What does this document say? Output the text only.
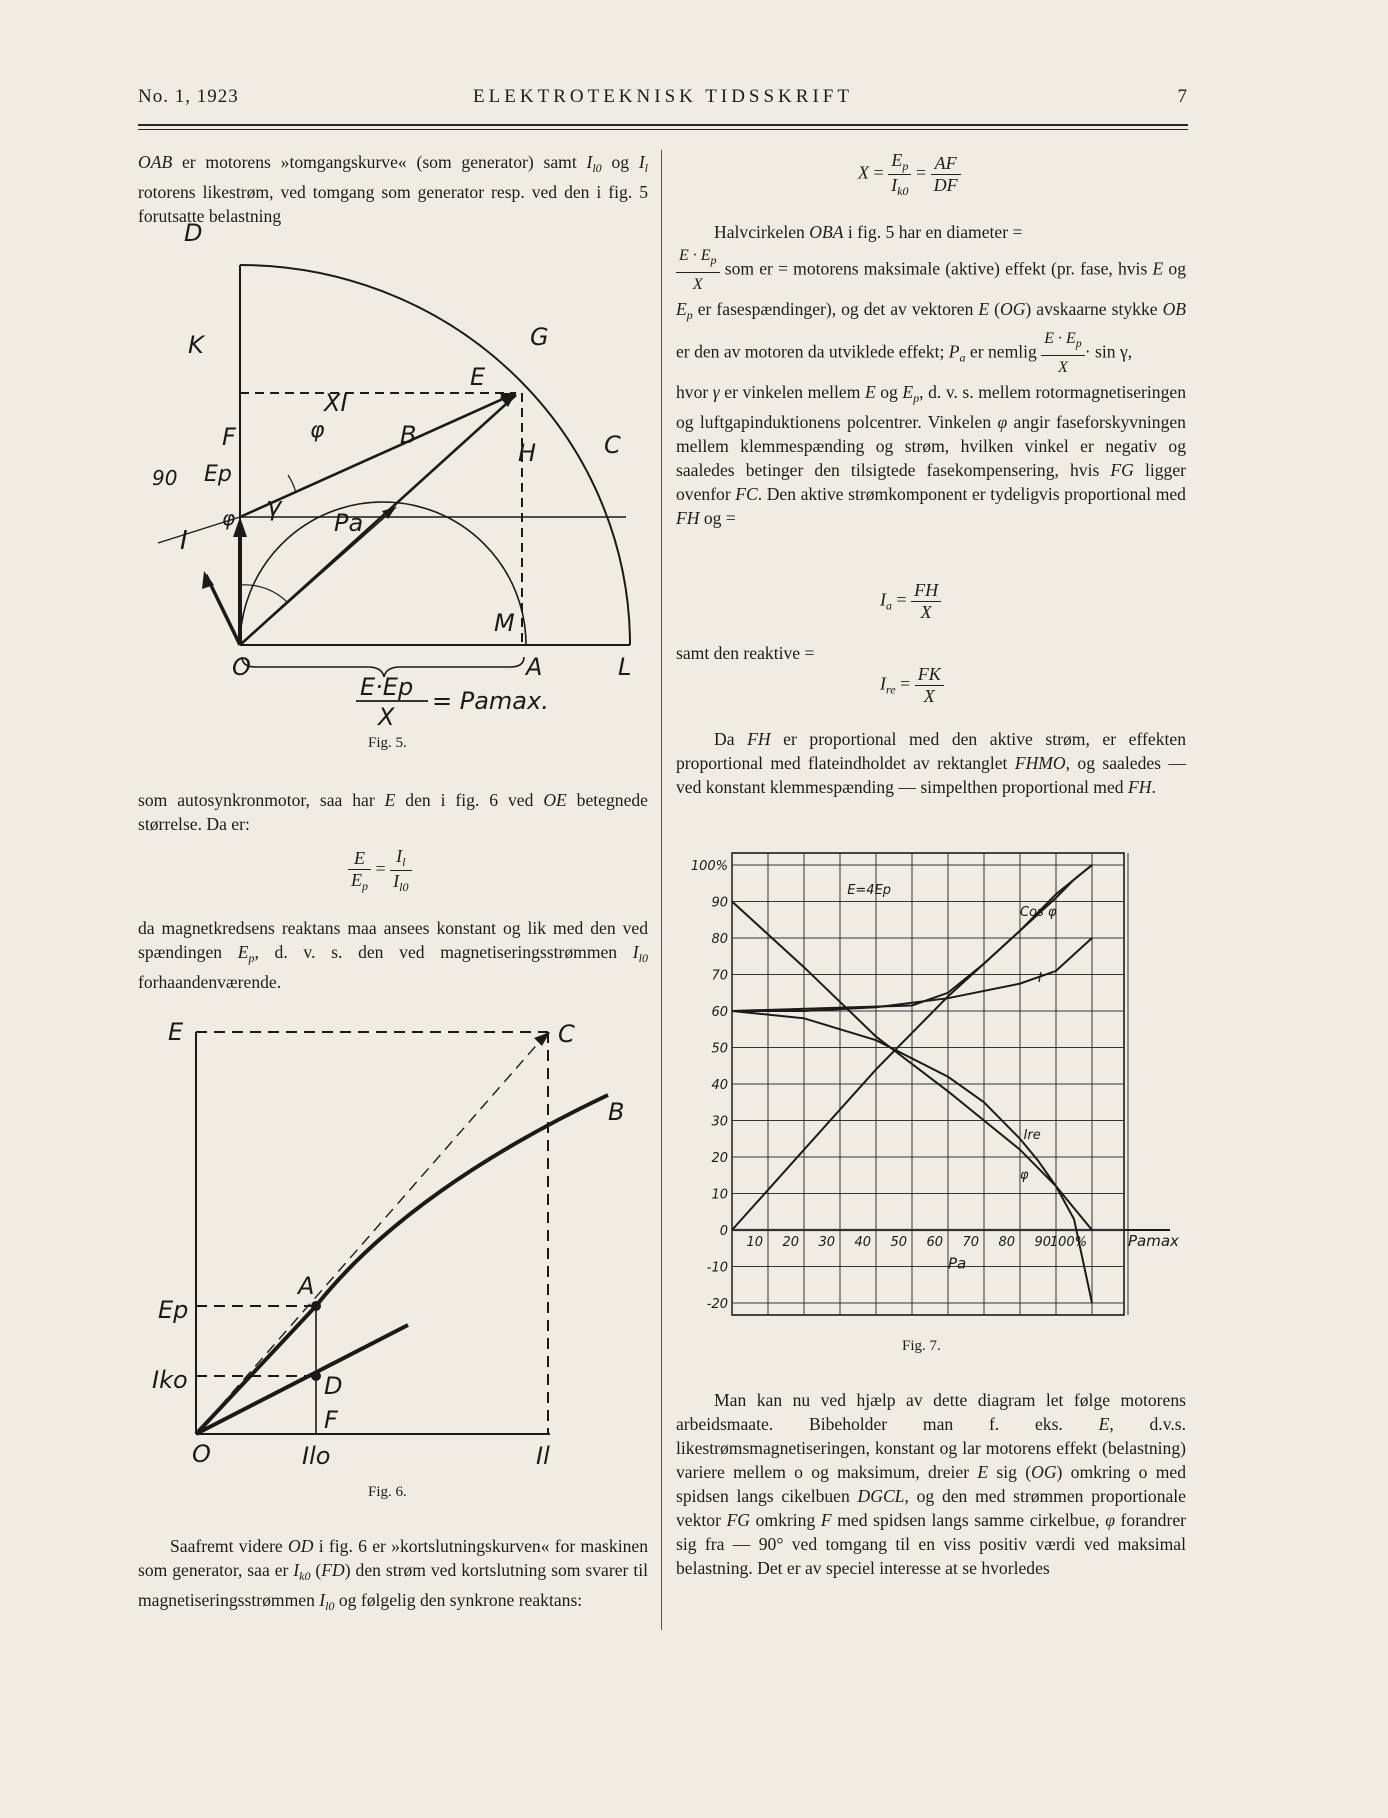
No. 1, 1923	ELEKTROTEKNISK TIDSSKRIFT	7

OAB er motorens »tomgangskurve« (som generator) samt $I_{l0}$ og $I_l$ rotorens likestrøm, ved tomgang som generator resp. ved den i fig. 5 forutsatte belastning

D
K	G
XI
E
φ	B
F	C
H
90 Ep
γ
Pa
I
φ
M
O	A	L
E·Ep
X
= Pamax.
Fig. 5.

som autosynkronmotor, saa har E den i fig. 6 ved OE betegnede størrelse. Da er:

$\frac{E}{E_p} = \frac{I_l}{I_{l0}}$

da magnetkredsens reaktans maa ansees konstant og lik med den ved spændingen $E_p$, d. v. s. den ved magnetiseringsstrømmen $I_{l0}$ forhaandenværende.

E	C
B
A
Ep
Iko	D
F
O	Ilo	Il
Fig. 6.

Saafremt videre OD i fig. 6 er »kortslutningskurven« for maskinen som generator, saa er $I_{k0}$ (FD) den strøm ved kortslutning som svarer til magnetiseringsstrømmen $I_{l0}$ og følgelig den synkrone reaktans:

$X = \frac{E_p}{I_{k0}} = \frac{AF}{DF}$

Halvcirkelen OBA i fig. 5 har en diameter =

$\frac{E \cdot E_p}{X}$ som er = motorens maksimale (aktive) effekt (pr. fase, hvis E og $E_p$ er fasespændinger), og det av vektoren E (OG) avskaarne stykke OB er den av motoren da utviklede effekt; $P_a$ er nemlig $\frac{E \cdot E_p}{X} \cdot \sin \gamma$,

hvor γ er vinkelen mellem E og $E_p$, d. v. s. mellem rotormagnetiseringen og luftgapinduktionens polcentrer. Vinkelen φ angir faseforskyvningen mellem klemmespænding og strøm, hvilken vinkel er negativ og saaledes betinger den tilsigtede fasekompensering, hvis FG ligger ovenfor FC. Den aktive strømkomponent er tydeligvis proportional med FH og =

$I_a = \frac{FH}{X}$

samt den reaktive =

$I_{re} = \frac{FK}{X}$

Da FH er proportional med den aktive strøm, er effekten proportional med flateindholdet av rektanglet FHMO, og saaledes — ved konstant klemmespænding — simpelthen proportional med FH.

100%
90
80
70
60
50
40
30
20
10
0
-10
-20
10 20 30 40 50 60 70 80 90
100%
Pa
Pamax
E=4Ep
Cos φ
I
Ire
φ
Fig. 7.

Man kan nu ved hjælp av dette diagram let følge motorens arbeidsmaate. Bibeholder man f. eks. E, d.v.s. likestrømsmagnetiseringen, konstant og lar motorens effekt (belastning) variere mellem o og maksimum, dreier E sig (OG) omkring o med spidsen langs cikelbuen DGCL, og den med strømmen proportionale vektor FG omkring F med spidsen langs samme cirkelbue, φ forandrer sig fra — 90° ved tomgang til en viss positiv værdi ved maksimal belastning. Det er av speciel interesse at se hvorledes
